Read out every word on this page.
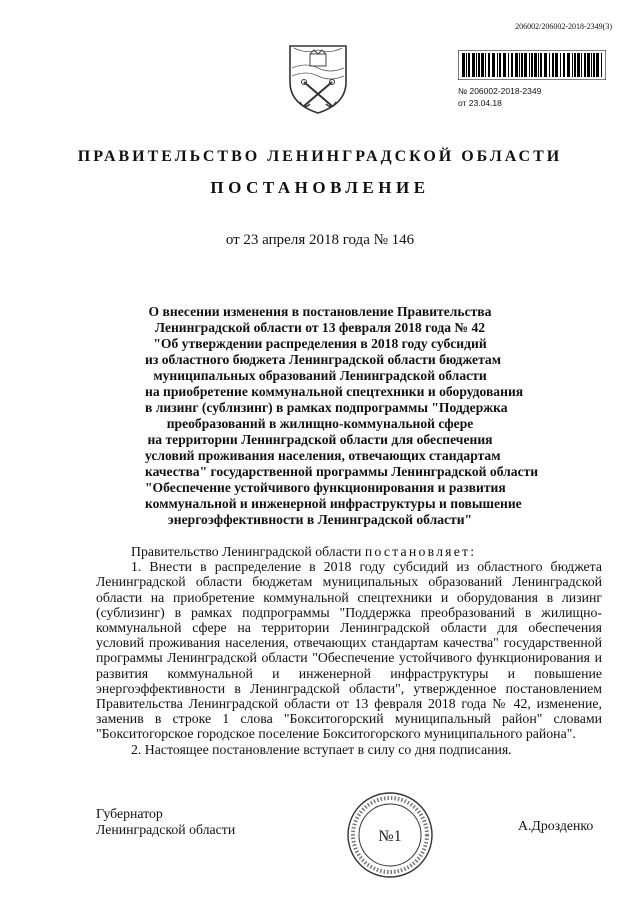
206002/206002-2018-2349(3)
№ 206002-2018-2349
от 23.04.18
ПРАВИТЕЛЬСТВО ЛЕНИНГРАДСКОЙ ОБЛАСТИ
ПОСТАНОВЛЕНИЕ
от 23 апреля 2018 года № 146
О внесении изменения в постановление Правительства
Ленинградской области от 13 февраля 2018 года № 42
"Об утверждении распределения в 2018 году субсидий
из областного бюджета Ленинградской области бюджетам
муниципальных образований Ленинградской области
на приобретение коммунальной спецтехники и оборудования
в лизинг (сублизинг) в рамках подпрограммы "Поддержка
преобразований в жилищно-коммунальной сфере
на территории Ленинградской области для обеспечения
условий проживания населения, отвечающих стандартам
качества" государственной программы Ленинградской области
"Обеспечение устойчивого функционирования и развития
коммунальной и инженерной инфраструктуры и повышение
энергоэффективности в Ленинградской области"

Правительство Ленинградской области постановляет:

1. Внести в распределение в 2018 году субсидий из областного бюджета Ленинградской области бюджетам муниципальных образований Ленинградской области на приобретение коммунальной спецтехники и оборудования в лизинг (сублизинг) в рамках подпрограммы "Поддержка преобразований в жилищно-коммунальной сфере на территории Ленинградской области для обеспечения условий проживания населения, отвечающих стандартам качества" государственной программы Ленинградской области "Обеспечение устойчивого функционирования и развития коммунальной и инженерной инфраструктуры и повышение энергоэффективности в Ленинградской области", утвержденное постановлением Правительства Ленинградской области от 13 февраля 2018 года № 42, изменение, заменив в строке 1 слова "Бокситогорский муниципальный район" словами "Бокситогорское городское поселение Бокситогорского муниципального района".

2. Настоящее постановление вступает в силу со дня подписания.

Губернатор
Ленинградской области	№1
А.Дрозденко
